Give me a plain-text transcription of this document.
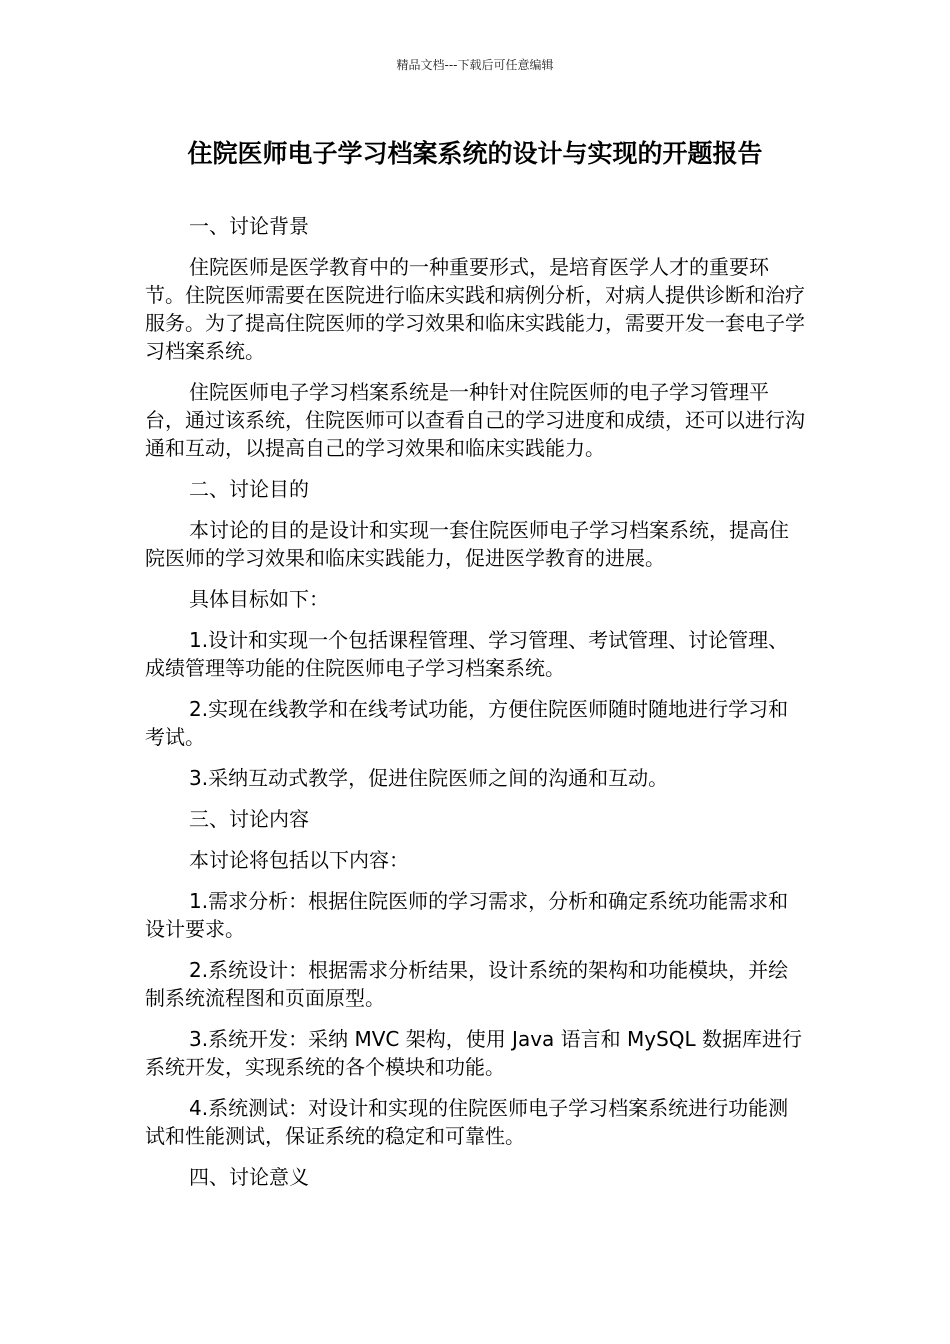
精品文档---下载后可任意编辑
住院医师电子学习档案系统的设计与实现的开题报告

一、讨论背景

住院医师是医学教育中的一种重要形式，是培育医学人才的重要环节。住院医师需要在医院进行临床实践和病例分析，对病人提供诊断和治疗服务。为了提高住院医师的学习效果和临床实践能力，需要开发一套电子学习档案系统。

住院医师电子学习档案系统是一种针对住院医师的电子学习管理平台，通过该系统，住院医师可以查看自己的学习进度和成绩，还可以进行沟通和互动，以提高自己的学习效果和临床实践能力。

二、讨论目的

本讨论的目的是设计和实现一套住院医师电子学习档案系统，提高住院医师的学习效果和临床实践能力，促进医学教育的进展。

具体目标如下：

1.设计和实现一个包括课程管理、学习管理、考试管理、讨论管理、成绩管理等功能的住院医师电子学习档案系统。

2.实现在线教学和在线考试功能，方便住院医师随时随地进行学习和考试。

3.采纳互动式教学，促进住院医师之间的沟通和互动。

三、讨论内容

本讨论将包括以下内容：

1.需求分析：根据住院医师的学习需求，分析和确定系统功能需求和设计要求。

2.系统设计：根据需求分析结果，设计系统的架构和功能模块，并绘制系统流程图和页面原型。

3.系统开发：采纳 MVC 架构，使用 Java 语言和 MySQL 数据库进行系统开发，实现系统的各个模块和功能。

4.系统测试：对设计和实现的住院医师电子学习档案系统进行功能测试和性能测试，保证系统的稳定和可靠性。

四、讨论意义
